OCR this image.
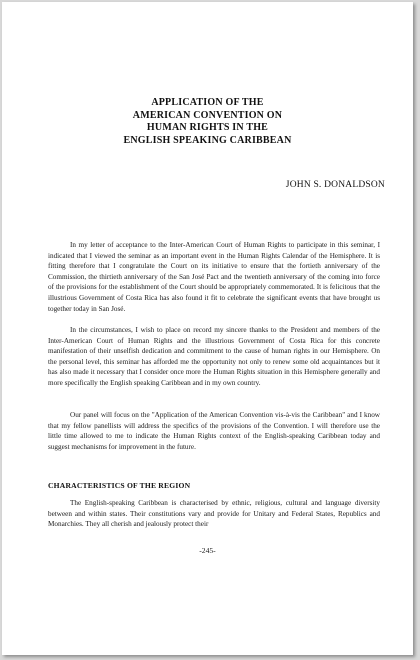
APPLICATION OF THE
AMERICAN CONVENTION ON
HUMAN RIGHTS IN THE
ENGLISH SPEAKING CARIBBEAN
JOHN S. DONALDSON

In my letter of acceptance to the Inter-American Court of Human Rights to participate in this seminar, I indicated that I viewed the seminar as an important event in the Human Rights Calendar of the Hemisphere. It is fitting therefore that I congratulate the Court on its initiative to ensure that the fortieth anniversary of the Commission, the thirtieth anniversary of the San José Pact and the twentieth anniversary of the coming into force of the provisions for the establishment of the Court should be appropriately commemorated. It is felicitous that the illustrious Government of Costa Rica has also found it fit to celebrate the significant events that have brought us together today in San José.

In the circumstances, I wish to place on record my sincere thanks to the President and members of the Inter-American Court of Human Rights and the illustrious Government of Costa Rica for this concrete manifestation of their unselfish dedication and commitment to the cause of human rights in our Hemisphere. On the personal level, this seminar has afforded me the opportunity not only to renew some old acquaintances but it has also made it necessary that I consider once more the Human Rights situation in this Hemisphere generally and more specifically the English speaking Caribbean and in my own country.

Our panel will focus on the "Application of the American Convention vis-à-vis the Caribbean" and I know that my fellow panellists will address the specifics of the provisions of the Convention. I will therefore use the little time allowed to me to indicate the Human Rights context of the English-speaking Caribbean today and suggest mechanisms for improvement in the future.

CHARACTERISTICS OF THE REGION

The English-speaking Caribbean is characterised by ethnic, religious, cultural and language diversity between and within states. Their constitutions vary and provide for Unitary and Federal States, Republics and Monarchies. They all cherish and jealously protect their

-245-
